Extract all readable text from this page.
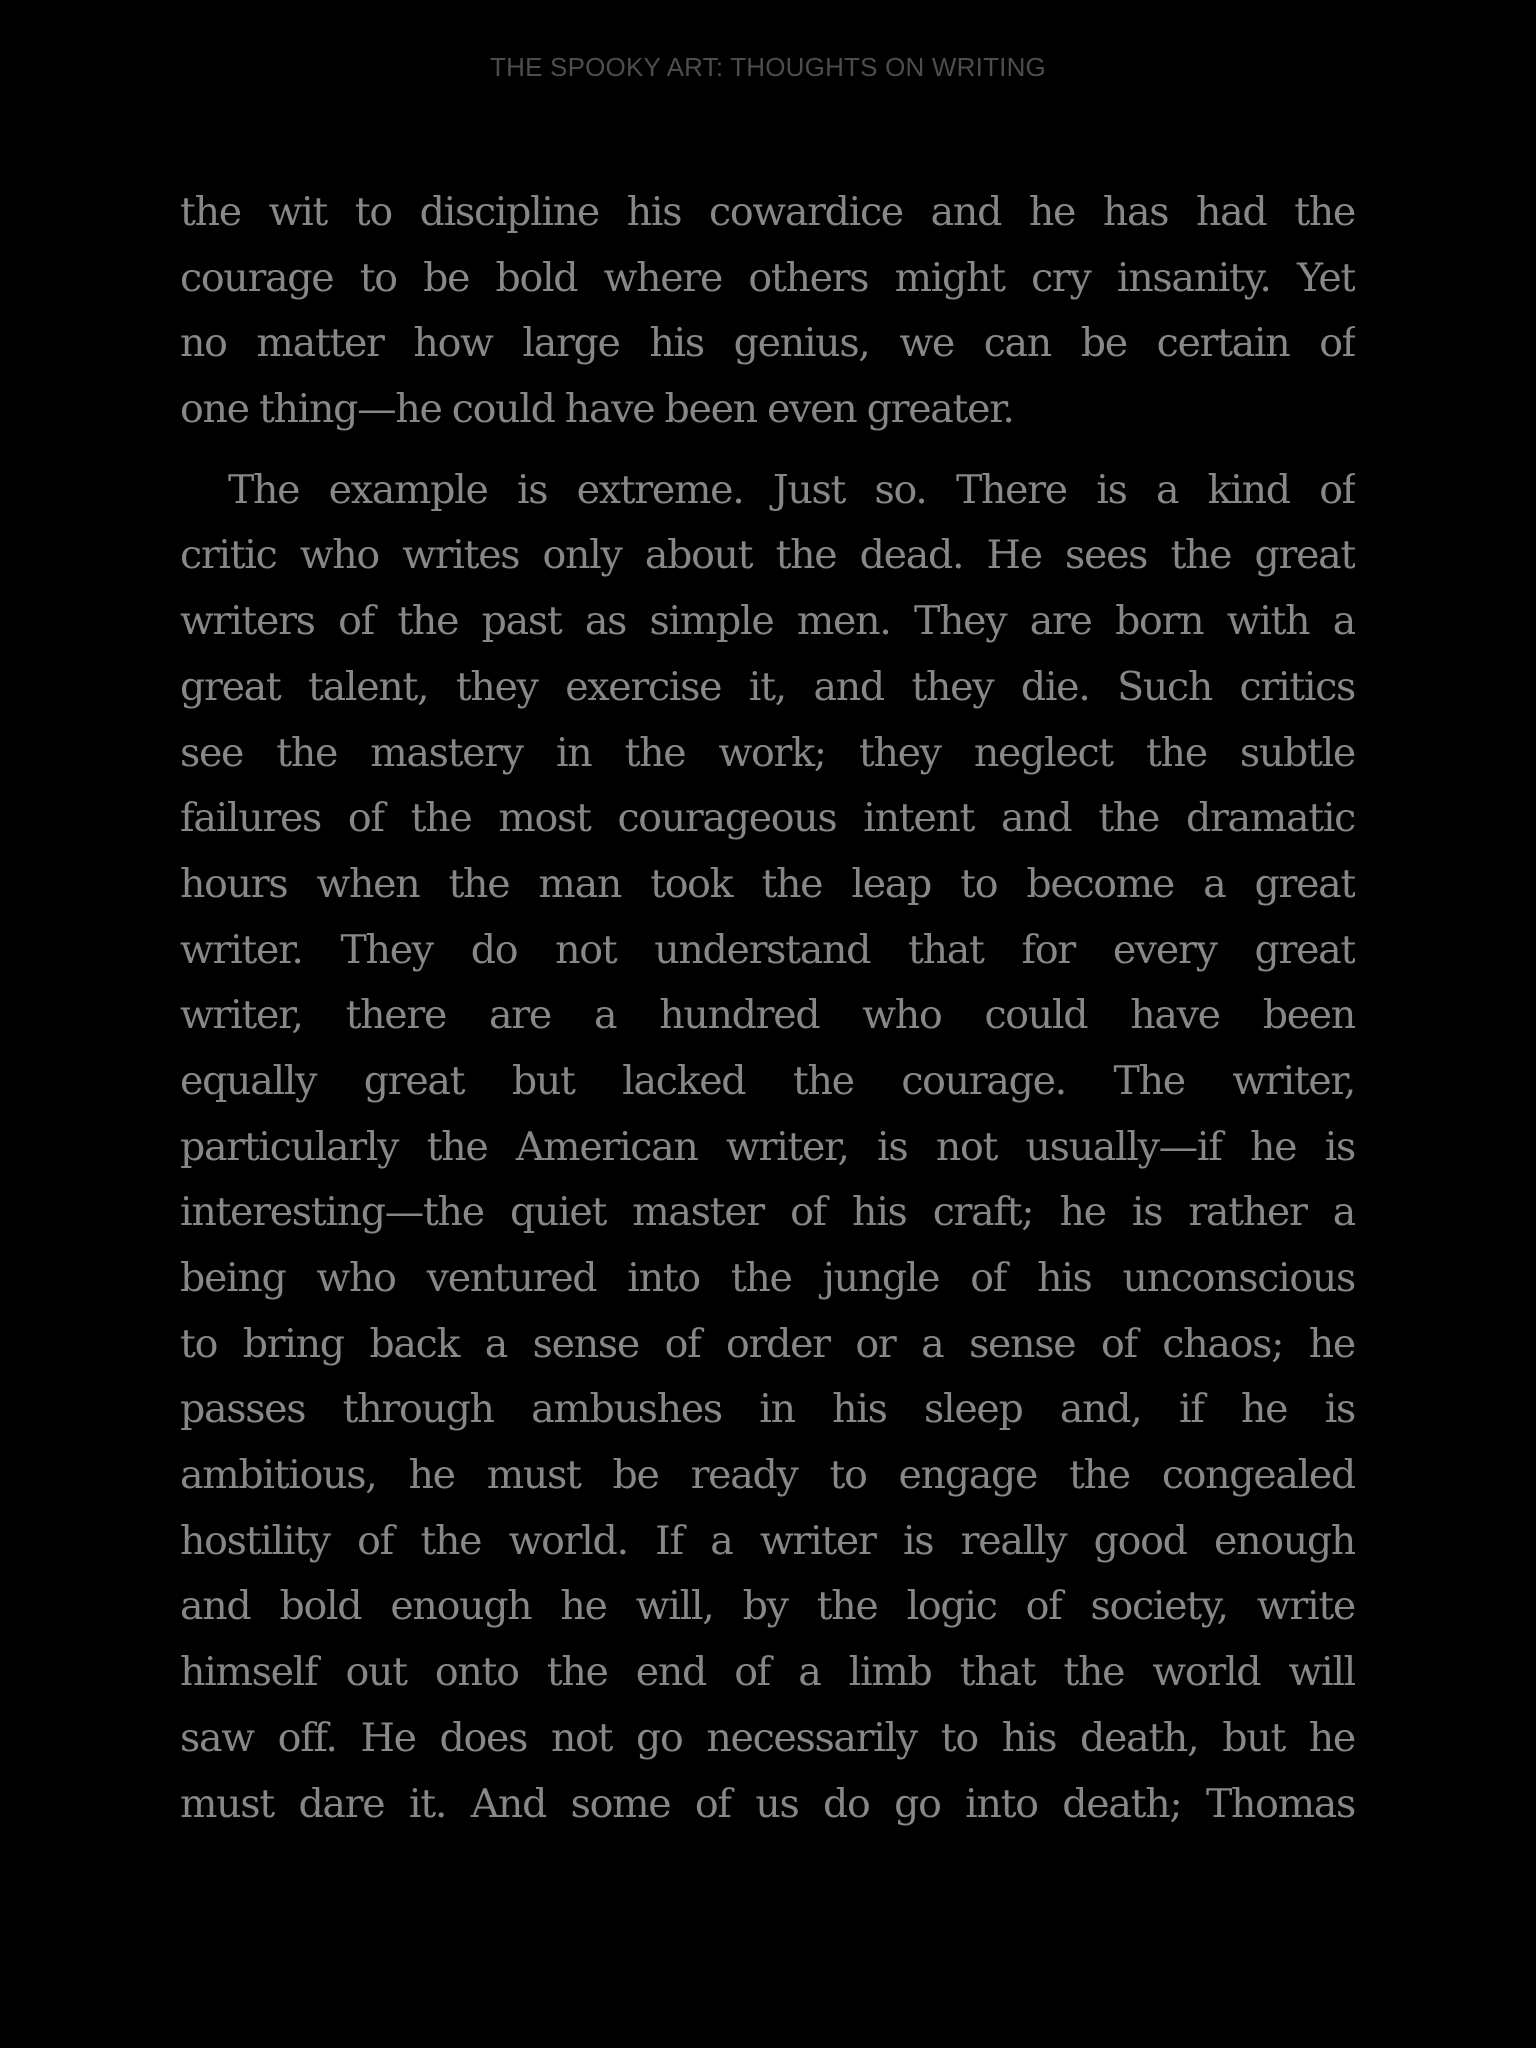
THE SPOOKY ART: THOUGHTS ON WRITING
the wit to discipline his cowardice and he has had the
courage to be bold where others might cry insanity. Yet
no matter how large his genius, we can be certain of
one thing—he could have been even greater.
The example is extreme. Just so. There is a kind of
critic who writes only about the dead. He sees the great
writers of the past as simple men. They are born with a
great talent, they exercise it, and they die. Such critics
see the mastery in the work; they neglect the subtle
failures of the most courageous intent and the dramatic
hours when the man took the leap to become a great
writer. They do not understand that for every great
writer, there are a hundred who could have been
equally great but lacked the courage. The writer,
particularly the American writer, is not usually—if he is
interesting—the quiet master of his craft; he is rather a
being who ventured into the jungle of his unconscious
to bring back a sense of order or a sense of chaos; he
passes through ambushes in his sleep and, if he is
ambitious, he must be ready to engage the congealed
hostility of the world. If a writer is really good enough
and bold enough he will, by the logic of society, write
himself out onto the end of a limb that the world will
saw off. He does not go necessarily to his death, but he
must dare it. And some of us do go into death; Thomas
